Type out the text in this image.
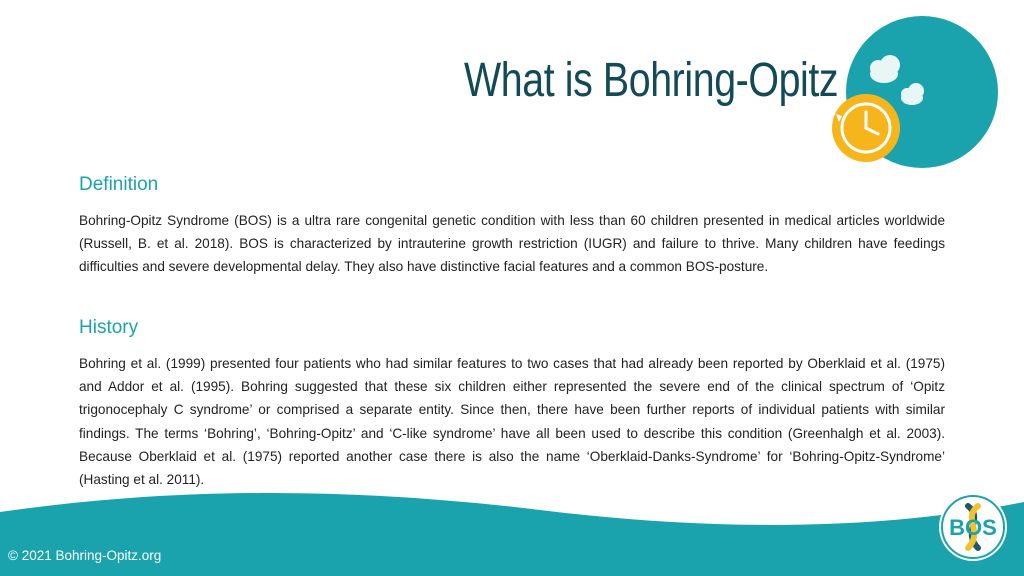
What is Bohring-Opitz
Definition

Bohring-Opitz Syndrome (BOS) is a ultra rare congenital genetic condition with less than 60 children presented in medical articles worldwide (Russell, B. et al. 2018). BOS is characterized by intrauterine growth restriction (IUGR) and failure to thrive. Many children have feedings difficulties and severe developmental delay. They also have distinctive facial features and a common BOS-posture.

History

Bohring et al. (1999) presented four patients who had similar features to two cases that had already been reported by Oberklaid et al. (1975) and Addor et al. (1995). Bohring suggested that these six children either represented the severe end of the clinical spectrum of ‘Opitz trigonocephaly C syndrome’ or comprised a separate entity. Since then, there have been further reports of individual patients with similar findings. The terms ‘Bohring’, ‘Bohring-Opitz’ and ‘C-like syndrome’ have all been used to describe this condition (Greenhalgh et al. 2003). Because Oberklaid et al. (1975) reported another case there is also the name ‘Oberklaid-Danks-Syndrome’ for ‘Bohring-Opitz-Syndrome’ (Hasting et al. 2011).

© 2021 Bohring-Opitz.org
BOS
